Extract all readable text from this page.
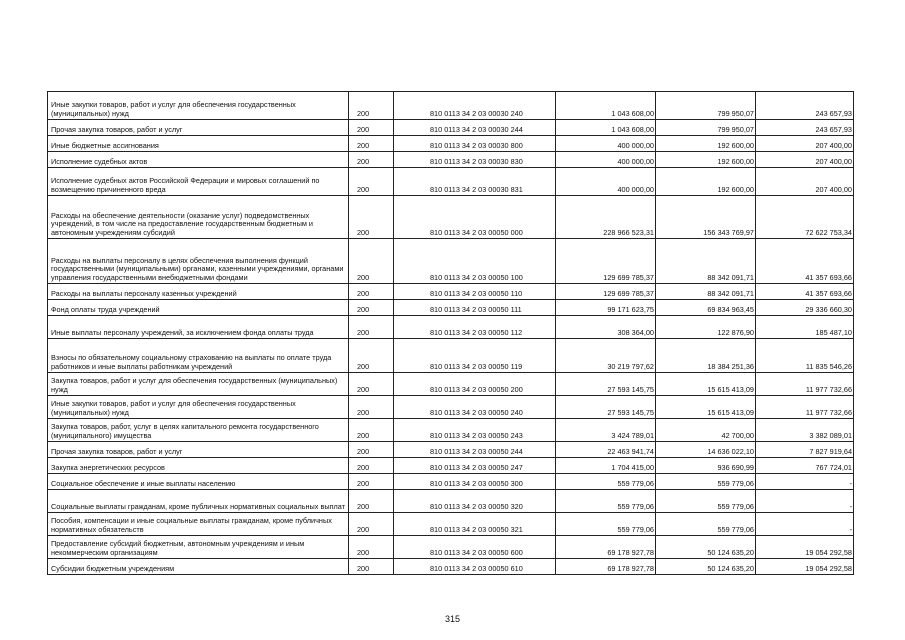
Иные закупки товаров, работ и услуг для обеспечения государственных (муниципальных) нужд	200	810 0113 34 2 03 00030 240	1 043 608,00	799 950,07	243 657,93
Прочая закупка товаров, работ и услуг	200	810 0113 34 2 03 00030 244	1 043 608,00	799 950,07	243 657,93
Иные бюджетные ассигнования	200	810 0113 34 2 03 00030 800	400 000,00	192 600,00	207 400,00
Исполнение судебных актов	200	810 0113 34 2 03 00030 830	400 000,00	192 600,00	207 400,00
Исполнение судебных актов Российской Федерации и мировых соглашений по возмещению причиненного вреда	200	810 0113 34 2 03 00030 831	400 000,00	192 600,00	207 400,00
Расходы на обеспечение деятельности (оказание услуг) подведомственных учреждений, в том числе на предоставление государственным бюджетным и автономным учреждениям субсидий	200	810 0113 34 2 03 00050 000	228 966 523,31	156 343 769,97	72 622 753,34
Расходы на выплаты персоналу в целях обеспечения выполнения функций государственными (муниципальными) органами, казенными учреждениями, органами управления государственными внебюджетными фондами	200	810 0113 34 2 03 00050 100	129 699 785,37	88 342 091,71	41 357 693,66
Расходы на выплаты персоналу казенных учреждений	200	810 0113 34 2 03 00050 110	129 699 785,37	88 342 091,71	41 357 693,66
Фонд оплаты труда учреждений	200	810 0113 34 2 03 00050 111	99 171 623,75	69 834 963,45	29 336 660,30
Иные выплаты персоналу учреждений, за исключением фонда оплаты труда	200	810 0113 34 2 03 00050 112	308 364,00	122 876,90	185 487,10
Взносы по обязательному социальному страхованию на выплаты по оплате труда работников и иные выплаты работникам учреждений	200	810 0113 34 2 03 00050 119	30 219 797,62	18 384 251,36	11 835 546,26
Закупка товаров, работ и услуг для обеспечения государственных (муниципальных) нужд	200	810 0113 34 2 03 00050 200	27 593 145,75	15 615 413,09	11 977 732,66
Иные закупки товаров, работ и услуг для обеспечения государственных (муниципальных) нужд	200	810 0113 34 2 03 00050 240	27 593 145,75	15 615 413,09	11 977 732,66
Закупка товаров, работ, услуг в целях капитального ремонта государственного (муниципального) имущества	200	810 0113 34 2 03 00050 243	3 424 789,01	42 700,00	3 382 089,01
Прочая закупка товаров, работ и услуг	200	810 0113 34 2 03 00050 244	22 463 941,74	14 636 022,10	7 827 919,64
Закупка энергетических ресурсов	200	810 0113 34 2 03 00050 247	1 704 415,00	936 690,99	767 724,01
Социальное обеспечение и иные выплаты населению	200	810 0113 34 2 03 00050 300	559 779,06	559 779,06	-
Социальные выплаты гражданам, кроме публичных нормативных социальных выплат	200	810 0113 34 2 03 00050 320	559 779,06	559 779,06	-
Пособия, компенсации и иные социальные выплаты гражданам, кроме публичных нормативных обязательств	200	810 0113 34 2 03 00050 321	559 779,06	559 779,06	-
Предоставление субсидий бюджетным, автономным учреждениям и иным некоммерческим организациям	200	810 0113 34 2 03 00050 600	69 178 927,78	50 124 635,20	19 054 292,58
Субсидии бюджетным учреждениям	200	810 0113 34 2 03 00050 610	69 178 927,78	50 124 635,20	19 054 292,58
315
